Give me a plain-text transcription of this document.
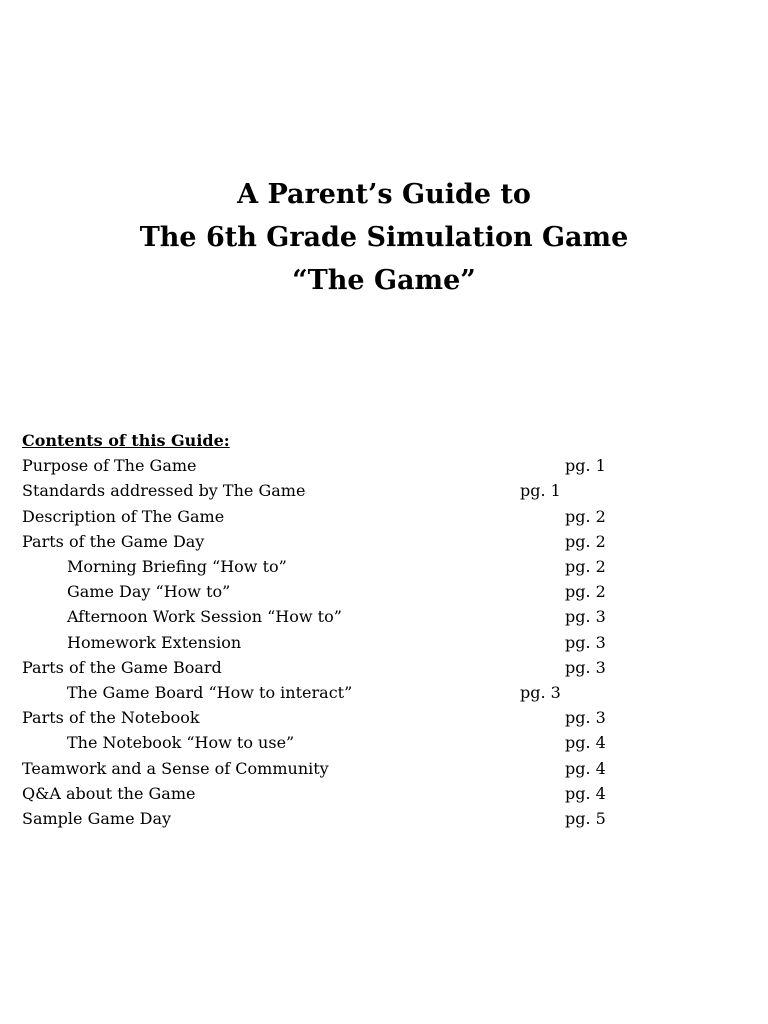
A Parent’s Guide to
The 6th Grade Simulation Game
“The Game”
Contents of this Guide:
Purpose of The Game	pg. 1
Standards addressed by The Game	pg. 1
Description of The Game	pg. 2
Parts of the Game Day	pg. 2
Morning Briefing “How to”	pg. 2
Game Day “How to”	pg. 2
Afternoon Work Session “How to”	pg. 3
Homework Extension	pg. 3
Parts of the Game Board	pg. 3
The Game Board “How to interact”	pg. 3
Parts of the Notebook	pg. 3
The Notebook “How to use”	pg. 4
Teamwork and a Sense of Community	pg. 4
Q&A about the Game	pg. 4
Sample Game Day	pg. 5
